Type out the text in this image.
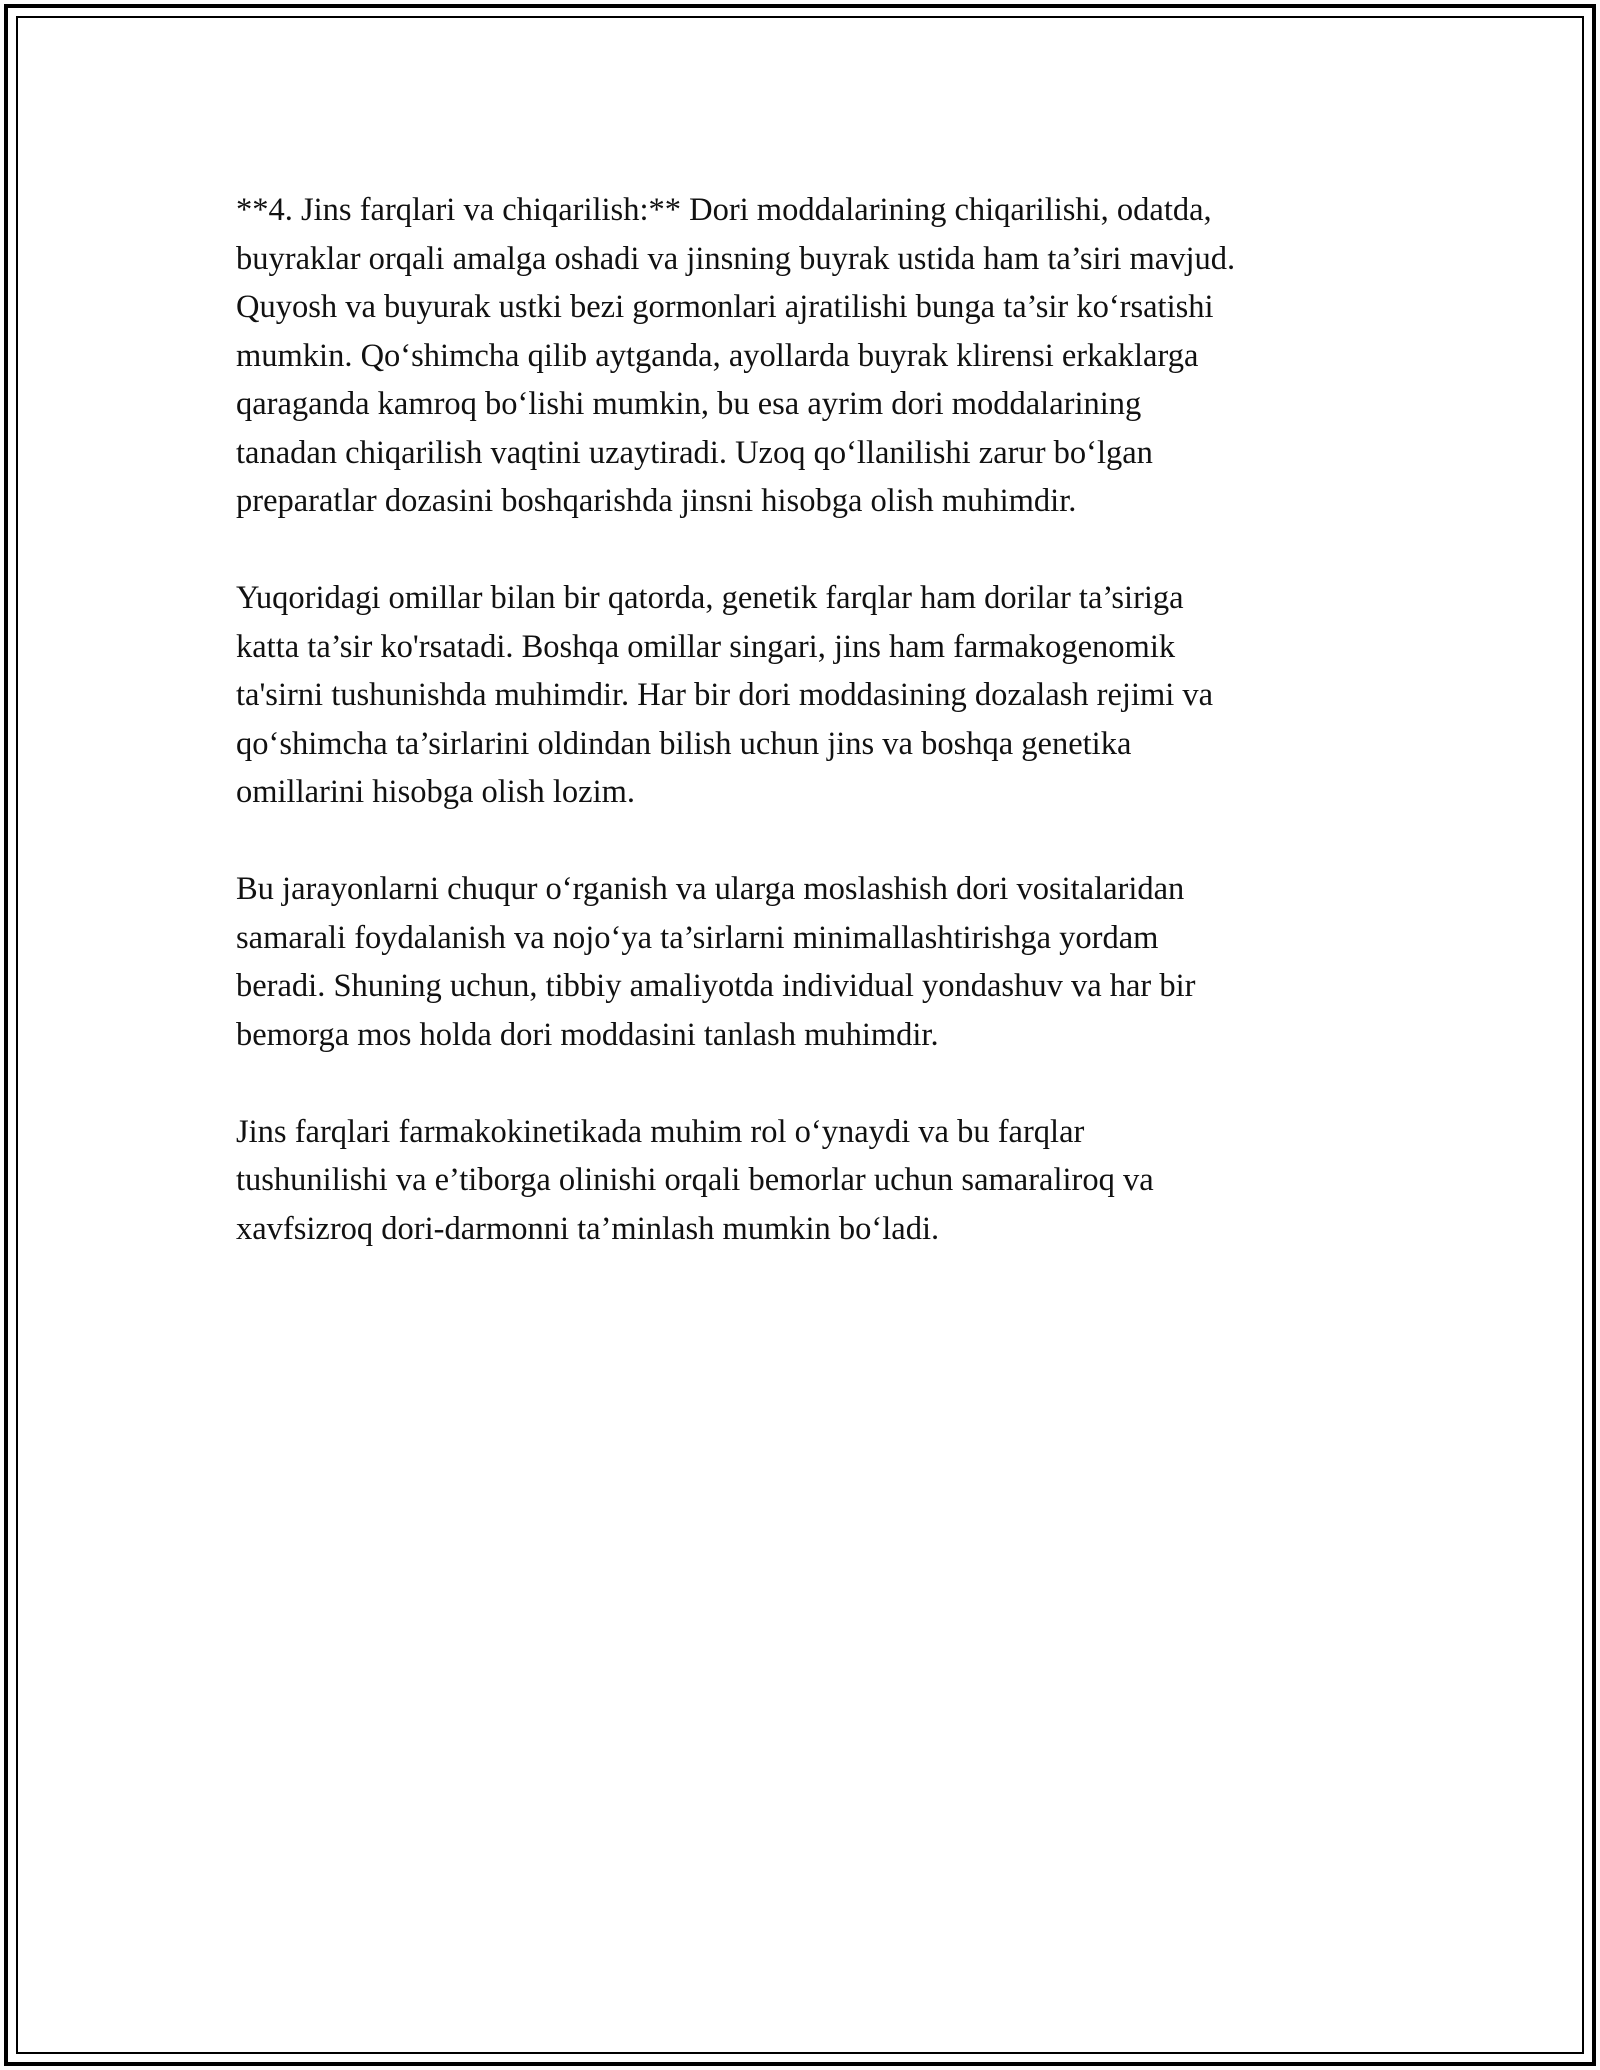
**4. Jins farqlari va chiqarilish:** Dori moddalarining chiqarilishi, odatda,
buyraklar orqali amalga oshadi va jinsning buyrak ustida ham ta’siri mavjud.
Quyosh va buyurak ustki bezi gormonlari ajratilishi bunga ta’sir koʻrsatishi
mumkin. Qoʻshimcha qilib aytganda, ayollarda buyrak klirensi erkaklarga
qaraganda kamroq boʻlishi mumkin, bu esa ayrim dori moddalarining
tanadan chiqarilish vaqtini uzaytiradi. Uzoq qoʻllanilishi zarur boʻlgan
preparatlar dozasini boshqarishda jinsni hisobga olish muhimdir.

Yuqoridagi omillar bilan bir qatorda, genetik farqlar ham dorilar ta’siriga
katta ta’sir ko'rsatadi. Boshqa omillar singari, jins ham farmakogenomik
ta'sirni tushunishda muhimdir. Har bir dori moddasining dozalash rejimi va
qoʻshimcha ta’sirlarini oldindan bilish uchun jins va boshqa genetika
omillarini hisobga olish lozim.

Bu jarayonlarni chuqur oʻrganish va ularga moslashish dori vositalaridan
samarali foydalanish va nojoʻya ta’sirlarni minimallashtirishga yordam
beradi. Shuning uchun, tibbiy amaliyotda individual yondashuv va har bir
bemorga mos holda dori moddasini tanlash muhimdir.

Jins farqlari farmakokinetikada muhim rol oʻynaydi va bu farqlar
tushunilishi va e’tiborga olinishi orqali bemorlar uchun samaraliroq va
xavfsizroq dori-darmonni ta’minlash mumkin boʻladi.
